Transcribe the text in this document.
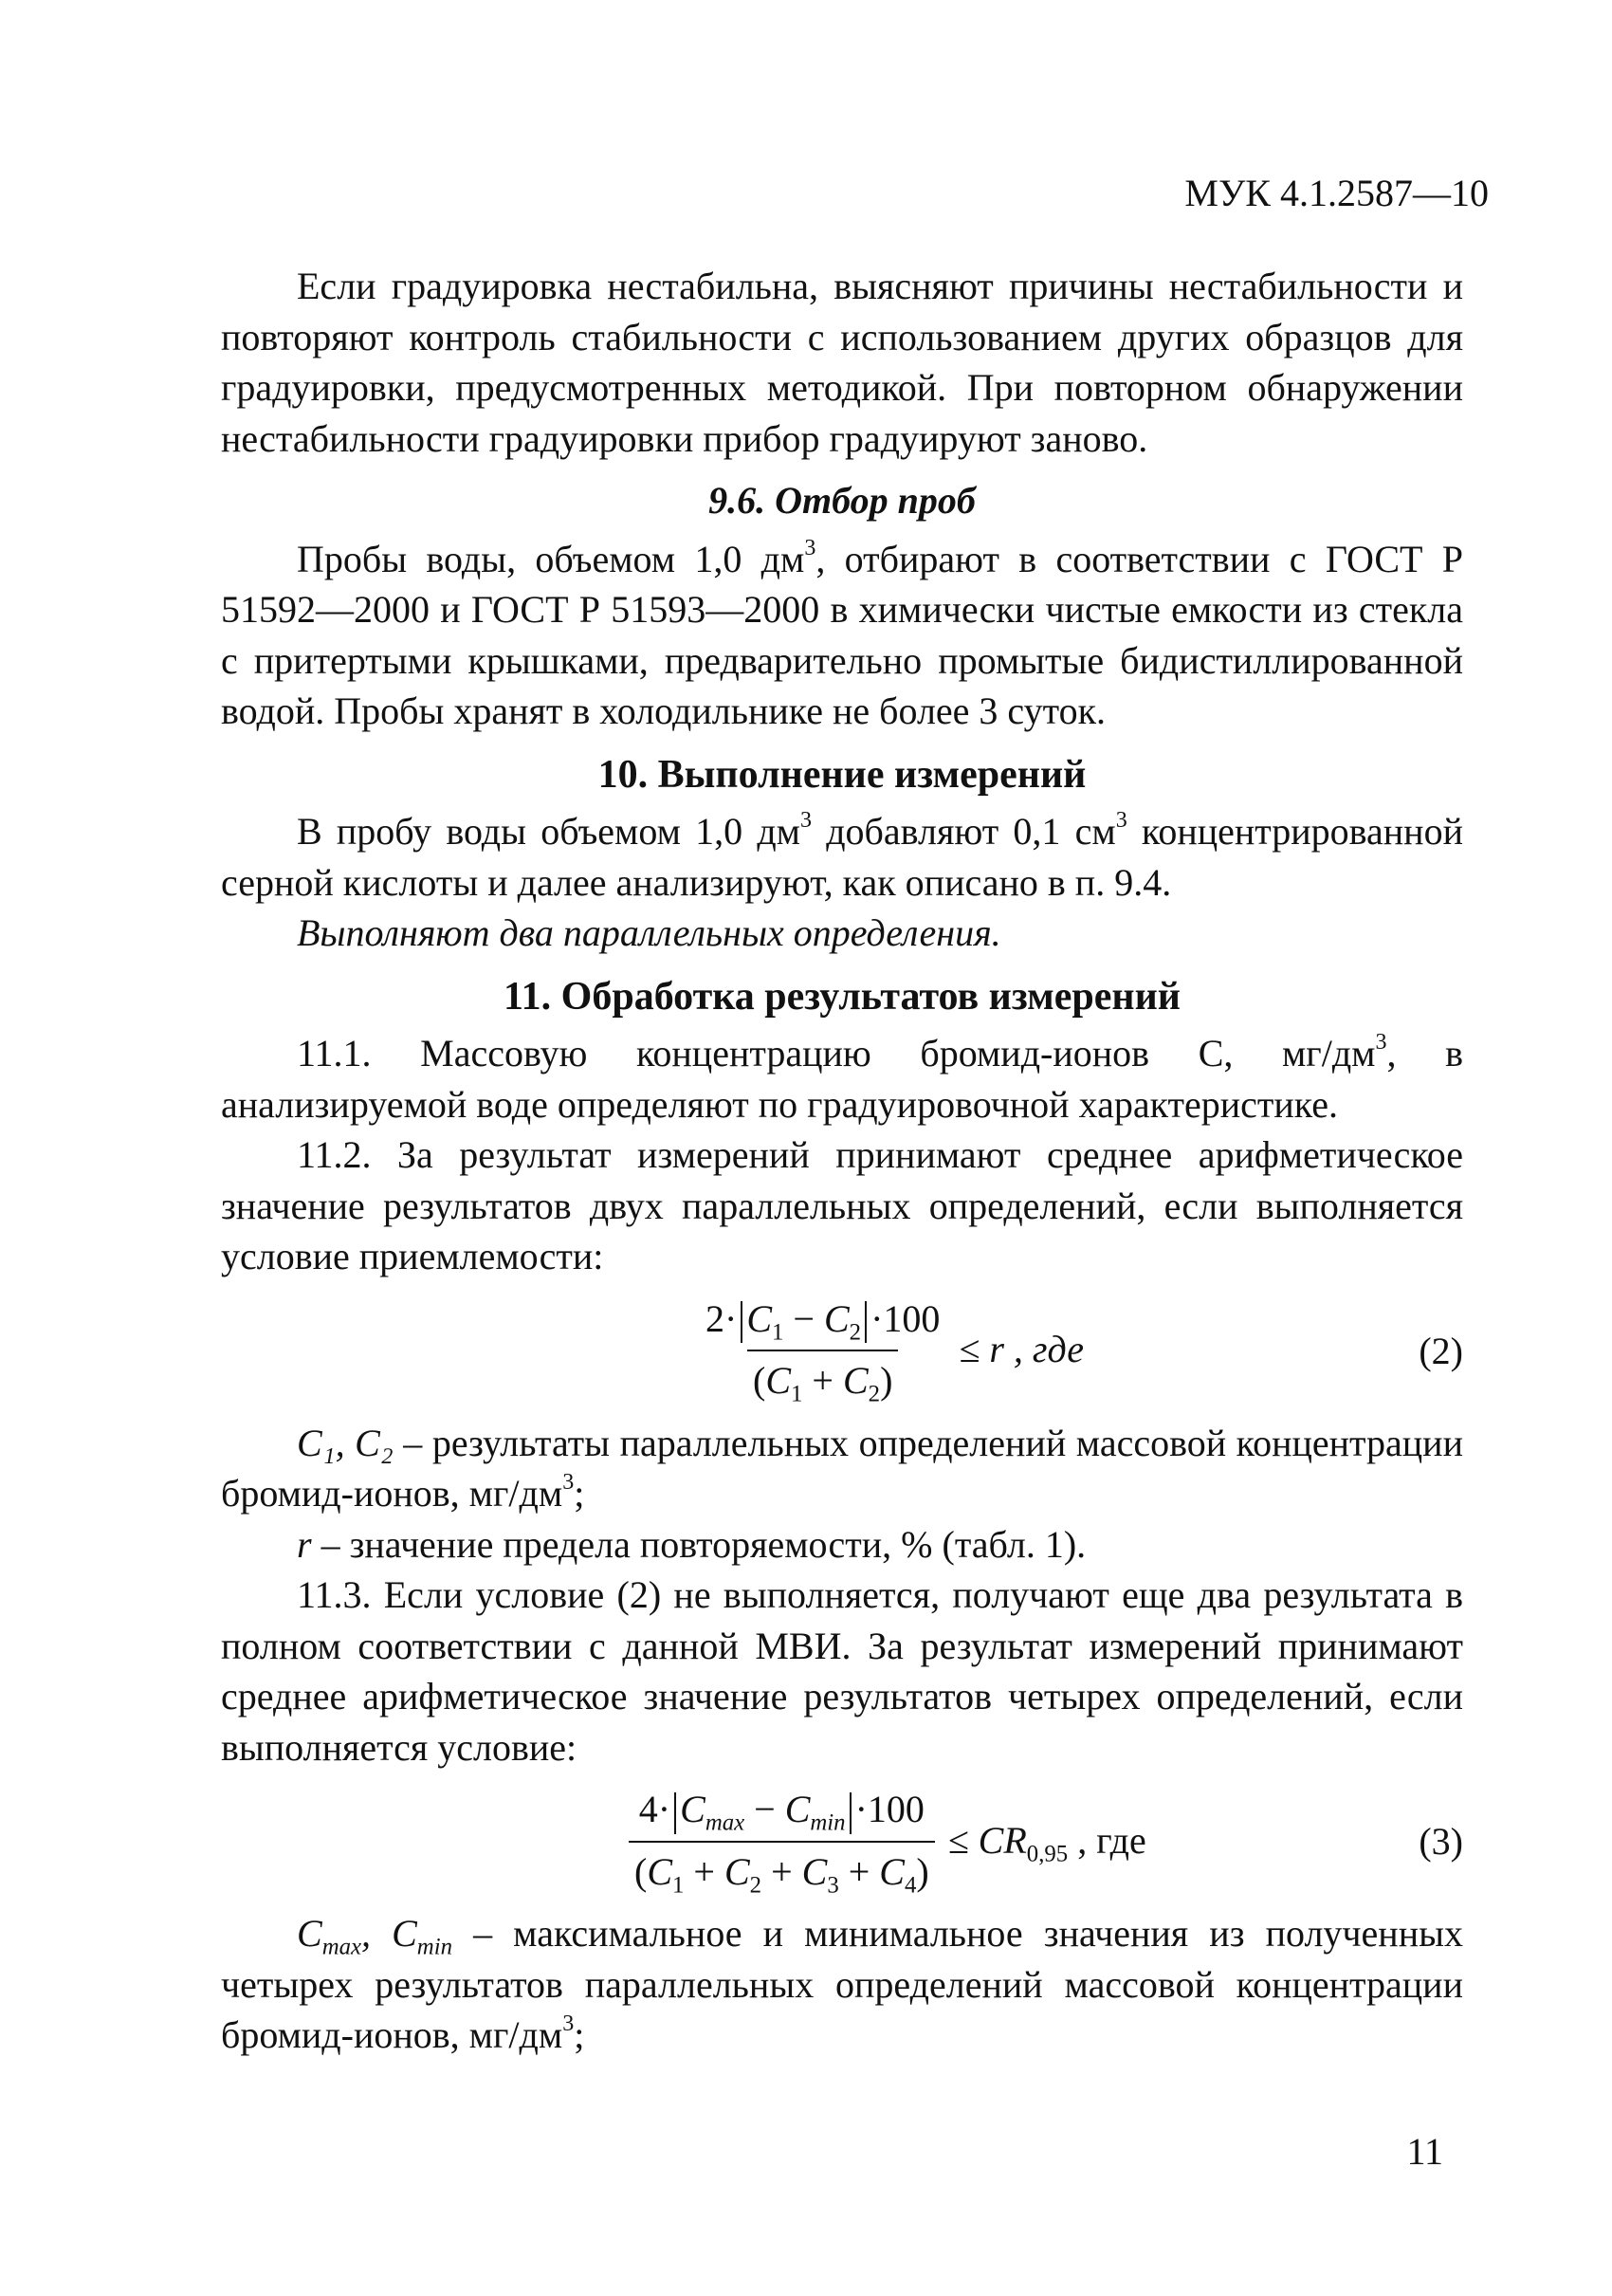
МУК 4.1.2587—10

Если градуировка нестабильна, выясняют причины нестабильности и повторяют контроль стабильности с использованием других образцов для градуировки, предусмотренных методикой. При повторном обнаружении нестабильности градуировки прибор градуируют заново.

9.6. Отбор проб

Пробы воды, объемом 1,0 $дм^3$, отбирают в соответствии с ГОСТ Р 51592—2000 и ГОСТ Р 51593—2000 в химически чистые емкости из стекла с притертыми крышками, предварительно промытые бидистиллированной водой. Пробы хранят в холодильнике не более 3 суток.

10. Выполнение измерений

В пробу воды объемом 1,0 $дм^3$ добавляют 0,1 $см^3$ концентрированной серной кислоты и далее анализируют, как описано в п. 9.4.

Выполняют два параллельных определения.

11. Обработка результатов измерений

11.1. Массовую концентрацию бромид-ионов С, $мг/дм^3$, в анализируемой воде определяют по градуировочной характеристике.

11.2. За результат измерений принимают среднее арифметическое значение результатов двух параллельных определений, если выполняется условие приемлемости:

$\frac{2\cdot C_1 - C_2 \cdot 100}{(C_1 + C_2)} \le r$ , где	(2)

C₁, C₂ – результаты параллельных определений массовой концентрации бромид-ионов, $мг/дм^3$;

r – значение предела повторяемости, % (табл. 1).

11.3. Если условие (2) не выполняется, получают еще два результата в полном соответствии с данной МВИ. За результат измерений принимают среднее арифметическое значение результатов четырех определений, если выполняется условие:

$\frac{4\cdot C_{max} - C_{min} \cdot 100}{(C_1 + C_2 + C_3 + C_4)} \le CR_{0,95}$ , где	(3)

$C_{max}$, $C_{min}$ – максимальное и минимальное значения из полученных четырех результатов параллельных определений массовой концентрации бромид-ионов, $мг/дм^3$;

11
